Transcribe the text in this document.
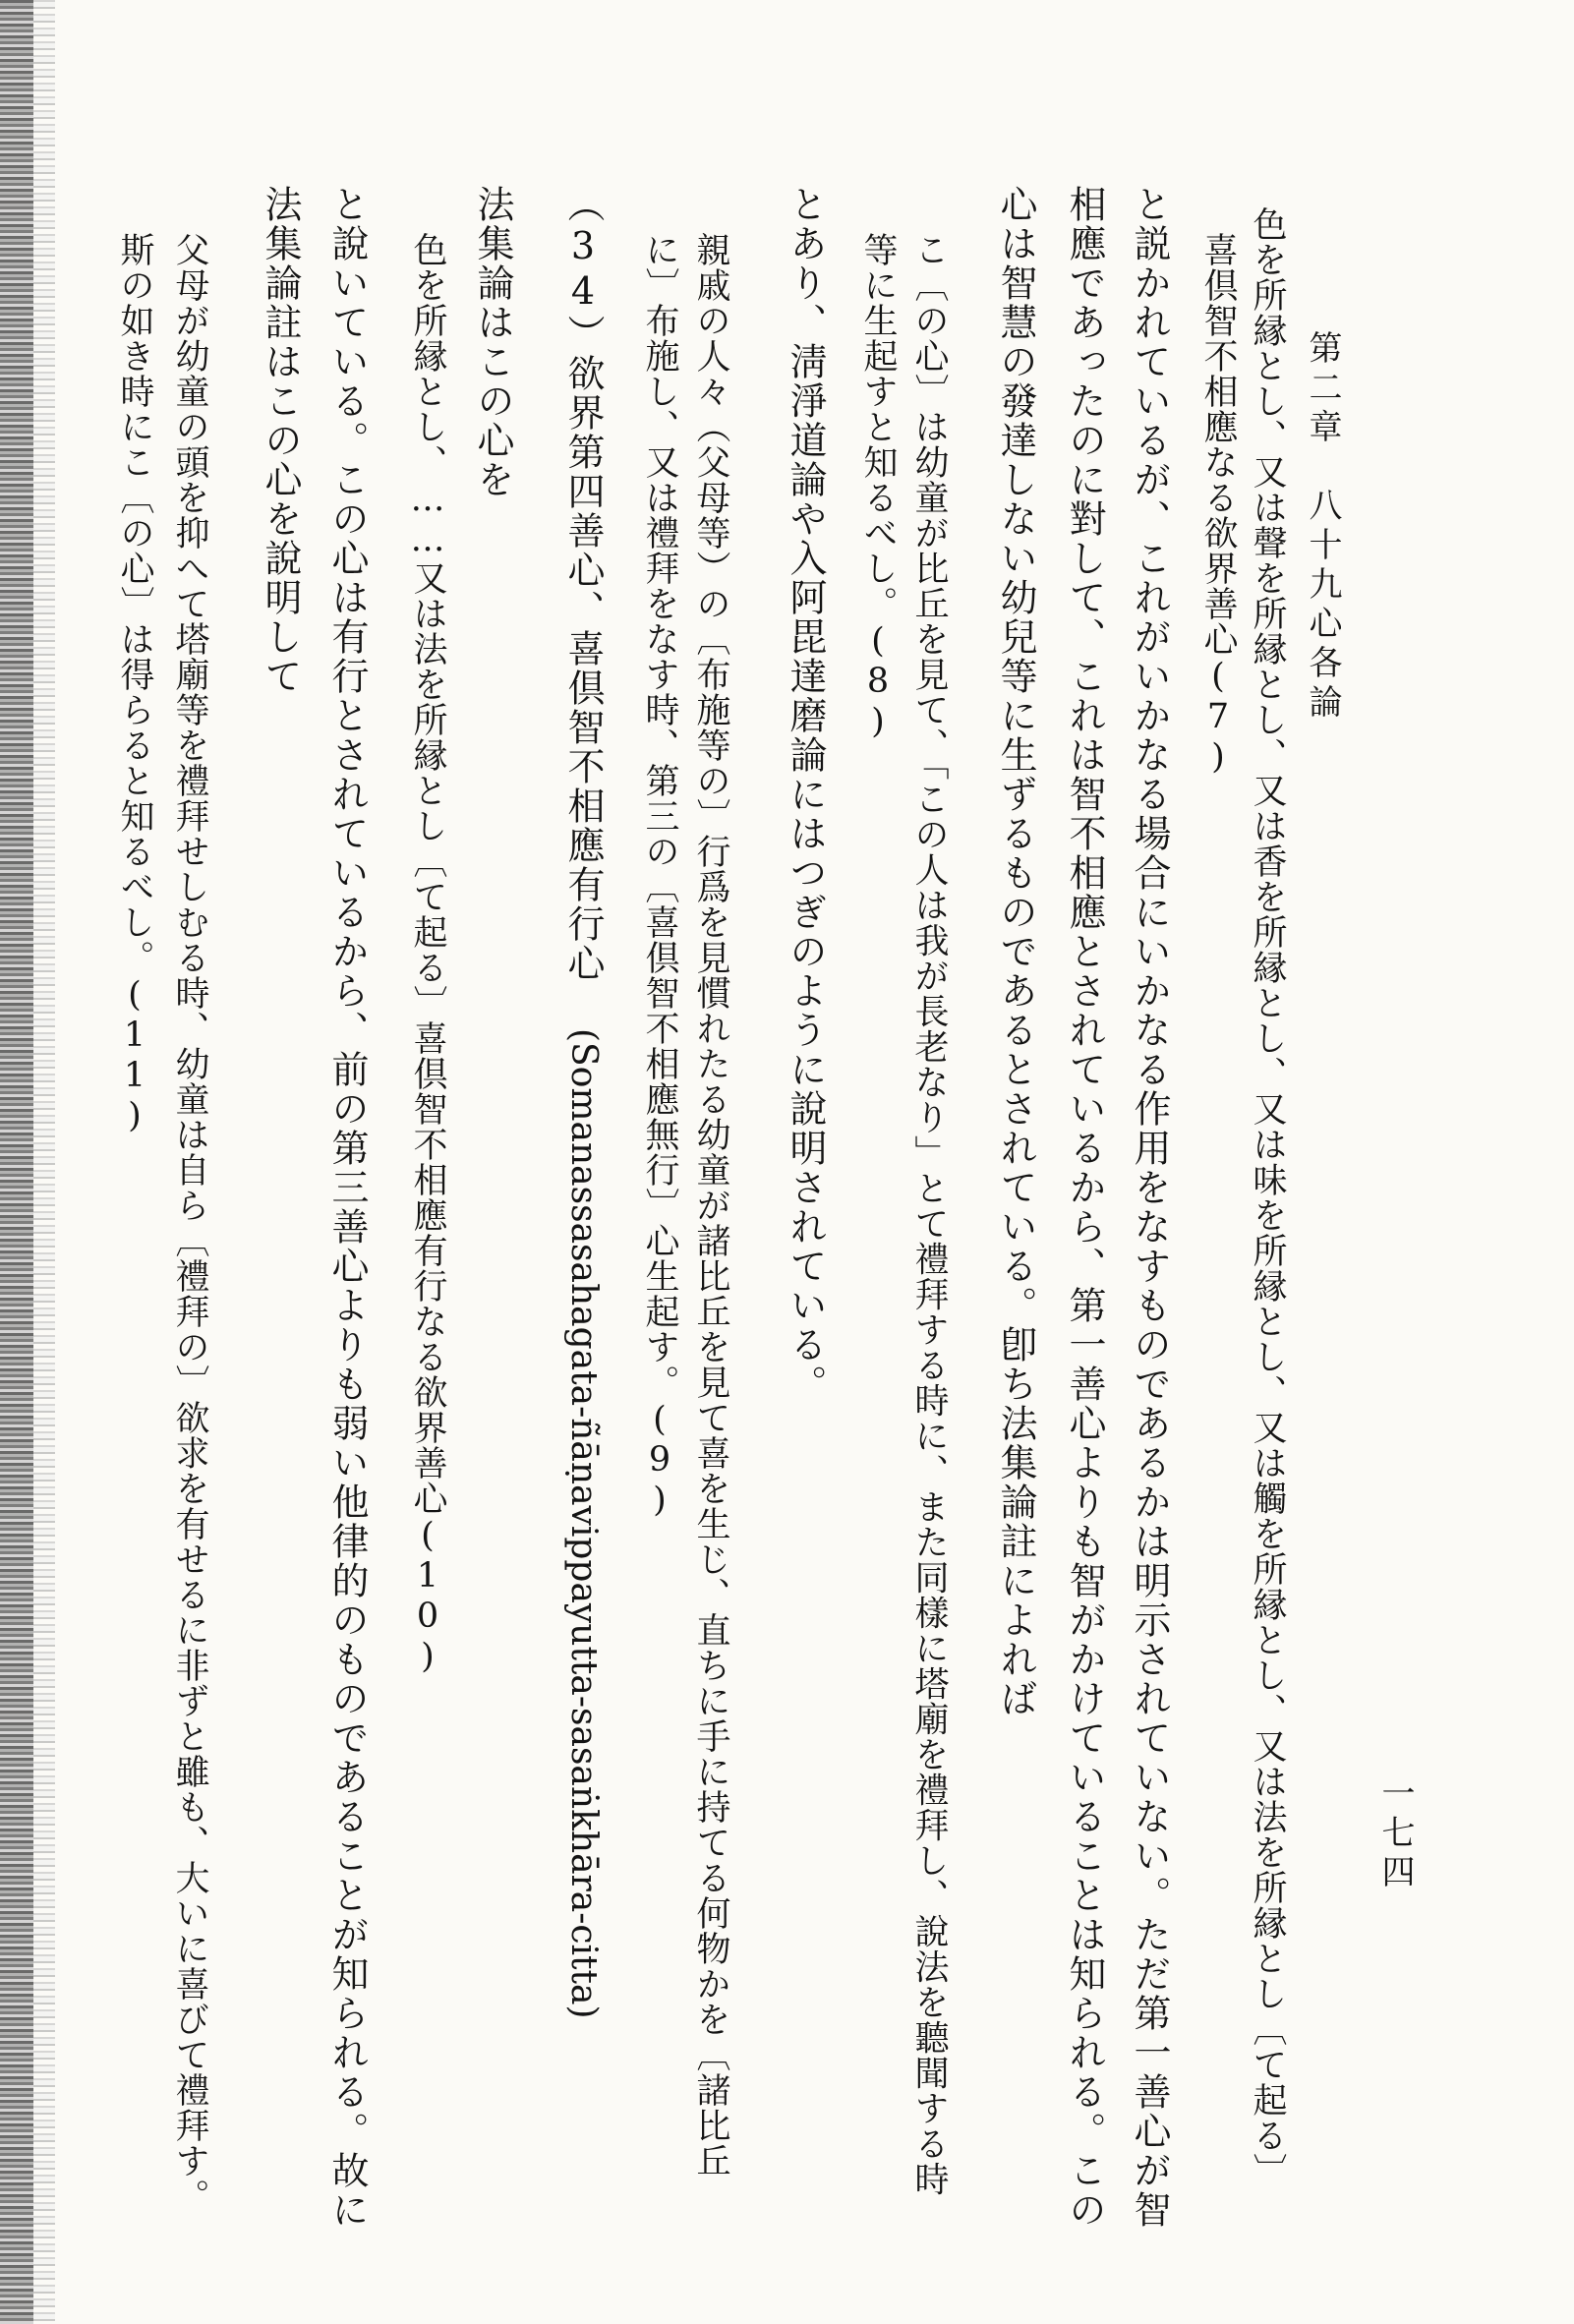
第二章　八十九心各論
一七四
色を所縁とし、又は聲を所縁とし、又は香を所縁とし、又は味を所縁とし、又は觸を所縁とし、又は法を所縁とし〔て起る〕
喜倶智不相應なる欲界善心(7)
と説かれているが、これがいかなる場合にいかなる作用をなすものであるかは明示されていない。ただ第一善心が智
相應であったのに對して、これは智不相應とされているから、第一善心よりも智がかけていることは知られる。この
心は智慧の發達しない幼兒等に生ずるものであるとされている。卽ち法集論註によれば
こ〔の心〕は幼童が比丘を見て、「この人は我が長老なり」とて禮拜する時に、また同樣に塔廟を禮拜し、說法を聽聞する時
等に生起すと知るべし。(8)
とあり、淸淨道論や入阿毘達磨論にはつぎのように說明されている。
親戚の人々（父母等）の〔布施等の〕行爲を見慣れたる幼童が諸比丘を見て喜を生じ、直ちに手に持てる何物かを〔諸比丘
に〕布施し、又は禮拜をなす時、第三の〔喜倶智不相應無行〕心生起す。(9)
（34）欲界第四善心、喜倶智不相應有行心 (Somanassasahagata-ñāṇavippayutta-sasaṅkhāra-citta)
法集論はこの心を
色を所縁とし、……又は法を所縁とし〔て起る〕喜倶智不相應有行なる欲界善心(10)
と說いている。この心は有行とされているから、前の第三善心よりも弱い他律的のものであることが知られる。故に
法集論註はこの心を說明して
父母が幼童の頭を抑へて塔廟等を禮拜せしむる時、幼童は自ら〔禮拜の〕欲求を有せるに非ずと雖も、大いに喜びて禮拜す。
斯の如き時にこ〔の心〕は得らると知るべし。(11)
